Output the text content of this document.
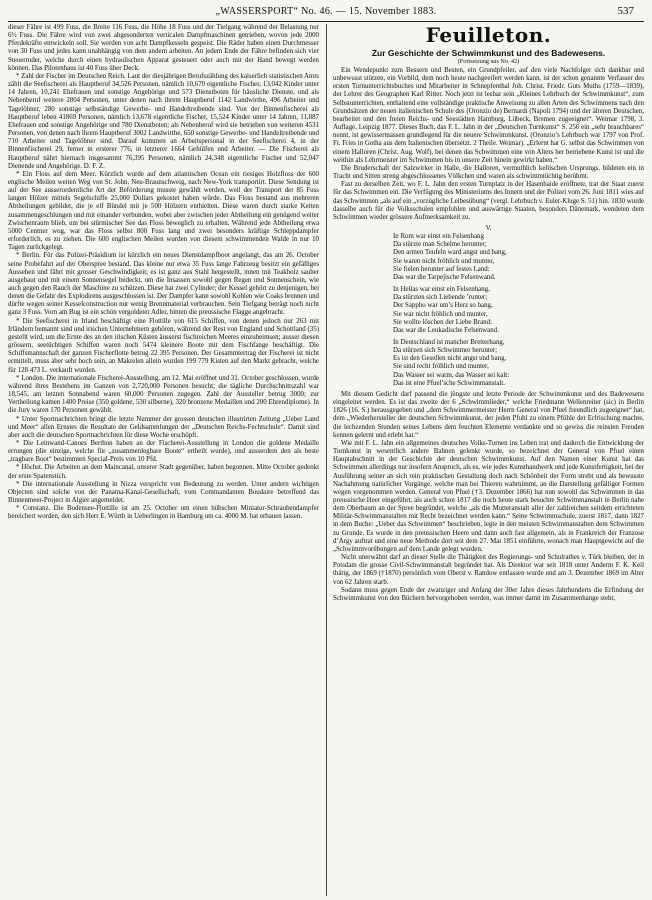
„WASSERSPORT“ No. 46. — 15. November 1883.	537

dieser Fähre ist 499 Fuss, die Breite 116 Fuss, die Höhe 18 Fuss und der Tiefgang während der Belastung nur 6½ Fuss. Die Fähre wird von zwei abgesonderten verticalen Dampfmaschinen getrieben, wovon jede 2000 Pferdekräfte entwickeln soll. Sie werden von acht Dampfkesseln gespeist. Die Räder haben einen Durchmesser von 30 Fuss und jedes kann unabhängig von dem andern arbeiten. An jedem Ende der Fähre befinden sich vier Steuerruder, welche durch einen hydraulischen Apparat gesteuert oder auch mit der Hand bewegt werden können. Das Pilotenhaus ist 40 Fuss über Deck.

* Zahl der Fischer im Deutschen Reich. Laut der diesjährigen Berufszählung des kaiserlich statistischen Amts zählt die Seefischerei als Hauptberuf 34,526 Personen, nämlich 10,670 eigentliche Fischer, 13,042 Kinder unter 14 Jahren, 10,241 Ehefrauen und sonstige Angehörige und 573 Dienstboten für häusliche Dienste, und als Nebenberuf weitere 2804 Personen, unter denen nach ihrem Hauptberuf 1142 Landwirthe, 496 Arbeiter und Tagelöhner, 280 sonstige selbständige Gewerbe- und Handeltreibende sind. Von der Binnenfischerei als Hauptberuf leben 41869 Personen, nämlich 13,678 eigentliche Fischer, 15,524 Kinder unter 14 Jahren, 11,887 Ehefrauen und sonstige Angehörige und 780 Dienstboten; als Nebenberuf wird sie betrieben von weiteren 4531 Personen, von denen nach ihrem Hauptberuf 3002 Landwirthe, 650 sonstige Gewerbe- und Handeltreibende und 710 Arbeiter und Tagelöhner sind. Darauf kommen an Arbeitspersonal in der Seefischerei 4, in der Binnenfischerei 29, ferner in ersterer 776, in letzterer 1664 Gehülfen und Arbeiter. — Die Fischerei als Hauptberuf nährt hiernach insgesammt 76,395 Personen, nämlich 24,348 eigentliche Fischer und 52,047 Dienende und Angehörige. D. F. Z.

* Ein Floss auf dem Meer. Kürzlich wurde auf dem atlantischen Ocean ein riesiges Holzfloss der 600 englische Meilen weiten Weg von St. John, Neu-Braunschweig, nach New-York transportirt. Diese Sendung ist auf der See ausserordentliche Art der Beförderung musste gewählt werden, weil der Transport der 85 Fuss langen Hölzer mittels Segelschiffe 25,000 Dollars gekostet haben würde. Das Floss bestand aus mehreren Abtheilungen gebildet, die je elf Bündel mit je 500 Hölzern enthielten. Diese waren durch starke Ketten zusammengeschlungen und mit einander verbunden, wobei aber zwischen jeder Abtheilung ein genügend weiter Zwischenraum blieb, um bei stürmischer See das Floss beweglich zu erhalten. Während jede Abtheilung etwa 5000 Centner wog, war das Floss selbst 800 Fuss lang und zwei besonders kräftige Schleppdampfer erforderlich, es zu ziehen. Die 600 englischen Meilen wurden von diesem schwimmenden Walde in nur 10 Tagen zurückgelegt.

* Berlin. Für das Polizei-Präsidium ist kürzlich ein neues Dienstdampfboot angelangt, das am 26. October seine Probefahrt auf der Oberspree bestand. Das kleine nur etwa 35 Fuss lange Fahrzeug besitzt ein gefälliges Aussehen und fährt mit grosser Geschwindigkeit; es ist ganz aus Stahl hergestellt, innen mit Teakholz sauber ausgebaut und mit einem Sonnensegel bedeckt, um die Insassen sowohl gegen Regen und Sonnenschein, wie auch gegen den Rauch der Maschine zu schützen. Diese hat zwei Cylinder; der Kessel gehört zu denjenigen, bei denen die Gefahr des Explodirens ausgeschlossen ist. Der Dampfer kann sowohl Kohlen wie Coaks brennen und dürfte wegen seiner Kesselconstruction nur wenig Brennmaterial verbrauchen. Sein Tiefgang beträgt noch nicht ganz 3 Fuss. Vorn am Bug ist ein schön vergoldeter Adler, hinten die preussische Flagge angebracht.

* Die Seefischerei in Irland beschäftigt eine Flottille von 615 Schiffen, von denen jedoch nur 263 mit Irländern bemannt sind und irischen Unternehmern gehören, während der Rest von England und Schottland (35) gestellt wird, um die Ernte des an den irischen Küsten äusserst fischreichen Meeres einzuheimsen; ausser diesen grössern, seetüchtigen Schiffen waren noch 5474 kleinere Boote mit dem Fischfange beschäftigt. Die Schiffsmannschaft der ganzen Fischerflotte betrug 22 395 Personen. Der Gesammtertrag der Fischerei ist nicht ermittelt, muss aber sehr hoch sein, an Makrelen allein wurden 199 779 Kisten auf den Markt gebracht, welche für 128 473 L. verkauft wurden.

* London. Die internationale Fischerei-Ausstellung, am 12. Mai eröffnet und 31. October geschlossen, wurde während ihres Bestehens im Ganzen von 2,720,000 Personen besucht; die tägliche Durchschnittszahl war 18,545, am letzten Sonnabend waren 60,000 Personen zugegen. Zahl der Aussteller betrug 3000; zur Vertheilung kamen 1400 Preise (350 goldene, 530 silberne), 320 bronzene Medaillen und 200 Ehrendiplome). In die Jury waren 170 Personen gewählt.

* Unter Sportnachrichten bringt die letzte Nummer der grossen deutschen illustrirten Zeitung „Ueber Land und Meer“ allen Ernstes die Resultate der Geldsammlungen der „Deutschen Reichs-Fechtschule“. Damit sind aber auch die deutschen Sportnachrichten für diese Woche erschöpft.

* Die Leinwand-Canoes Berthon haben an der Fischerei-Ausstellung in London die goldene Medaille errungen (die einzige, welche für „zusammenlegbare Boote“ ertheilt wurde), und ausserdem den als beste „tragbare Boot“ bestimmten Special-Preis von 10 Pfd.

* Höchst. Die Arbeiten an dem Maincanal, unserer Stadt gegenüber, haben begonnen. Mitte October gedenkt der erste Spatenstich.

* Die internationale Ausstellung in Nizza verspricht von Bedeutung zu werden. Unter andern wichtigen Objecten sind solche von der Panama-Kanal-Gesellschaft, vom Commandanten Boudaire betreffend das Binnenmeer-Project in Algier angemeldet.

* Constanz. Die Bodensee-Flottille ist am 25. October um einen hübschen Miniatur-Schraubendampfer bereichert worden, den sich Herr E. Würth in Ueberlingen in Hamburg um ca. 4000 M. hat erbauen lassen.

Feuilleton.
Zur Geschichte der Schwimmkunst und des Badewesens.
(Fortsetzung aus No. 42)

Ein Wendepunkt zum Bessern und Besten, ein Grundpfeiler, auf den viele Nachfolger sich dankbar und unbewusst stützen, ein Vorbild, dem noch heute nachgeeifert werden kann, ist der schon genannte Verfasser des ersten Turnunterrichtsbuches und Mitarbeiter in Schnepfenthal Joh. Christ. Friedr. Guts Muths (1759—1839), der Lehrer des Geographen Karl Ritter. Noch jetzt ist lesbar sein „Kleines Lehrbuch der Schwimmkunst“, zum Selbstunterrichten, enthaltend eine vollständige praktische Anweisung zu allen Arten des Schwimmens nach den Grundsätzen der neuen italienischen Schule des (Oronzio de) Bernardi (Napoli 1794) und der älteren Deutschen, bearbeitet und den freien Reichs- und Seestädten Hamburg, Lübeck, Bremen zugeeignet“. Weimar 1798, 3. Auflage, Leipzig 1877. Dieses Buch, das F. L. Jahn in der „Deutschen Turnkunst“ S. 256 ein „sehr brauchbares“ nennt, ist gewissermassen grundlegend für die neuere Schwimmkunst. (Oronzio’s Lehrbuch war 1797 von Prof. Fr. Fries in Gotha aus dem Italienischen übersetzt. 2 Theile. Weimar). „Erlernt hat G. selbst das Schwimmen von einem Halloren (Christ. Aug. Wolf), bei denen das Schwimmen eine von Alters her betriebene Kunst ist und die weithin als Lehrmeister im Schwimmen bis in unsere Zeit hinein gewirkt haben.“

Die Bruderschaft der Salzwirker in Halle, die Halloren, vermuthlich keltischen Ursprungs, bildeten ein in Tracht und Sitten streng abgeschlossenes Völkchen und waren als schwimmtüchtig berühmt.

Fast zu derselben Zeit, wo F. L. Jahn den ersten Turnplatz in der Hasenhaide eröffnete, trat der Staat zuerst für das Schwimmen ein. Die Verfügung des Ministeriums des Innern und der Polizei vom 26. Juni 1811 wies auf das Schwimmen „als auf ein „vorzügliche Leibesübung“ (vergl. Lehrbuch v. Euler-Kluge S. 51) hin. 1830 wurde dasselbe auch für die Volksschulen empfohlen und auswärtige Staaten, besonders Dänemark, wendeten dem Schwimmen wieder grössere Aufmerksamkeit zu.

V.
In Rom war einst ein Felsenhang
Da stürzte man Schelme herunter;
Den armen Teufeln ward angst und bang,
Sie waren nicht fröhlich und munter,
Sie fielen herunter auf festes Land:
Das war die Tarpejische Felsenwand.
In Hellas war einst ein Felsenhang,
Da stürzten sich Liebende ’runter;
Der Sappho war um’s Herz so bang,
Sie war nicht fröhlich und munter,
Sie wollte löschen der Liebe Brand:
Das war die Leukadische Felsenwand.
In Deutschland ist mancher Bretterhang,
Da stürzen sich Schwimmer herunter;
Es ist den Gesellen nicht angst und bang,
Sie sind recht fröhlich und munter,
Das Wasser sei warm, das Wasser sei kalt:
Das ist eine Pfuel’sche Schwimmanstalt.

Mit diesem Gedicht darf passend die jüngste und letzte Periode der Schwimmkunst und des Badewesens eingeleitet werden. Es ist das zweite der 6 „Schwimmlieder,“ welche Friedmann Wellenreiter (sic) in Berlin 1826 (16. S.) herausgegeben und „dem Schwimmermeister Herrn General von Pfuel freundlich zugeeignet“ hat, dem „Wiederhersteller der deutschen Schwimmkunst, der jeden Pfuhl zu einem Pfühle der Erfrischung machte, die lechzenden Stunden seines Lebens dem feuchten Elemente verdankte und so gewiss die reinsten Freuden kennen gelernt und erlebt hat.“

Wie mit F. L. Jahn ein allgemeines deutsches Volks-Turnen ins Leben trat und dadurch die Entwicklung der Turnkunst in wesentlich andere Bahnen gelenkt wurde, so bezeichnet der General von Pfuel einen Hauptabschnitt in der Geschichte der deutschen Schwimmkunst. Auf den Namen einer Kunst hat das Schwimmen allerdings nur insofern Anspruch, als es, wie jedes Kunsthandwerk und jede Kunstfertigkeit, bei der Ausführung seiner an sich rein praktischen Gestaltung doch nach Schönheit der Form strebt und als bewusste Nachahmung natürlicher Vorgänge, welche man bei Thieren wahrnimmt, an die Darstellung gefälliger Formen wegen vorgenommen werden. General von Pfuel (†3. Dezember 1866) hat nun sowohl das Schwimmen in das preussische Heer eingeführt, als auch schon 1817 die noch heute stark besuchte Schwimmanstalt in Berlin nahe dem Oberbaum an der Spree begründet, welche „als die Mutteranstalt aller der zahlreichen seitdem errichteten Militär-Schwimmanstalten mit Recht bezeichnet werden kann.“ Seine Schwimmschule, zuerst 1817, dann 1827 in dem Buche: „Ueber das Schwimmen“ beschrieben, legte in den meisten Schwimmanstalten dem Schwimmen zu Grunde. Es wurde in den preussischen Heere und dann auch fast allgemein, als in Frankreich der Franzose d’Argy auftrat und eine neue Methode dort seit dem 27. Mai 1851 einführte, wonach man Hauptgewicht auf die „Schwimmvorübungen auf dem Lande gelegt wurden.

Nicht unerwähnt darf an dieser Stelle die Thätigkeit des Regierungs- und Schulrathes v. Türk bleiben, der in Potsdam die grosse Civil-Schwimmanstalt begründet hat. Als Direktor war seit 1818 unter Anderm F. K. Keil thätig, der 1869 (†1870) persönlich vom Oberst v. Randow entlassen wurde und am 3. Dezember 1869 im Alter von 62 Jahren starb.

Sodann muss gegen Ende der zwanziger und Anfang der 30er Jahre dieses Jahrhunderts die Erfindung der Schwimmkunst von den Büchern hervorgehoben werden, was immer damit im Zusammenhange steht,
